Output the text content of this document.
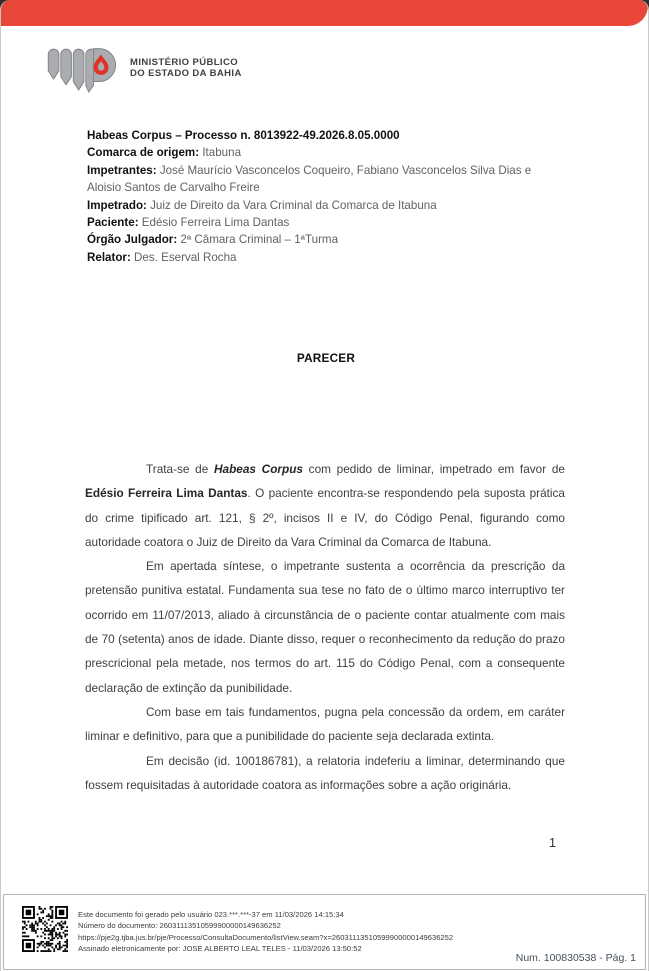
MINISTÉRIO PÚBLICO
DO ESTADO DA BAHIA
Habeas Corpus – Processo n. 8013922-49.2026.8.05.0000
Comarca de origem: Itabuna
Impetrantes: José Maurício Vasconcelos Coqueiro, Fabiano Vasconcelos Silva Dias e Aloisio Santos de Carvalho Freire
Impetrado: Juiz de Direito da Vara Criminal da Comarca de Itabuna
Paciente: Edésio Ferreira Lima Dantas
Órgão Julgador: 2ª Câmara Criminal – 1ªTurma
Relator: Des. Eserval Rocha
PARECER

Trata-se de Habeas Corpus com pedido de liminar, impetrado em favor de Edésio Ferreira Lima Dantas. O paciente encontra-se respondendo pela suposta prática do crime tipificado art. 121, § 2º, incisos II e IV, do Código Penal, figurando como autoridade coatora o Juiz de Direito da Vara Criminal da Comarca de Itabuna.

Em apertada síntese, o impetrante sustenta a ocorrência da prescrição da pretensão punitiva estatal. Fundamenta sua tese no fato de o último marco interruptivo ter ocorrido em 11/07/2013, aliado à circunstância de o paciente contar atualmente com mais de 70 (setenta) anos de idade. Diante disso, requer o reconhecimento da redução do prazo prescricional pela metade, nos termos do art. 115 do Código Penal, com a consequente declaração de extinção da punibilidade.

Com base em tais fundamentos, pugna pela concessão da ordem, em caráter liminar e definitivo, para que a punibilidade do paciente seja declarada extinta.

Em decisão (id. 100186781), a relatoria indeferiu a liminar, determinando que fossem requisitadas à autoridade coatora as informações sobre a ação originária.

1
Este documento foi gerado pelo usuário 023.***.***-37 em 11/03/2026 14:15:34
Número do documento: 26031113510599900000149636252
https://pje2g.tjba.jus.br/pje/Processo/ConsultaDocumento/listView.seam?x=26031113510599900000149636252
Assinado eletronicamente por: JOSE ALBERTO LEAL TELES - 11/03/2026 13:50:52
Num. 100830538 - Pág. 1
